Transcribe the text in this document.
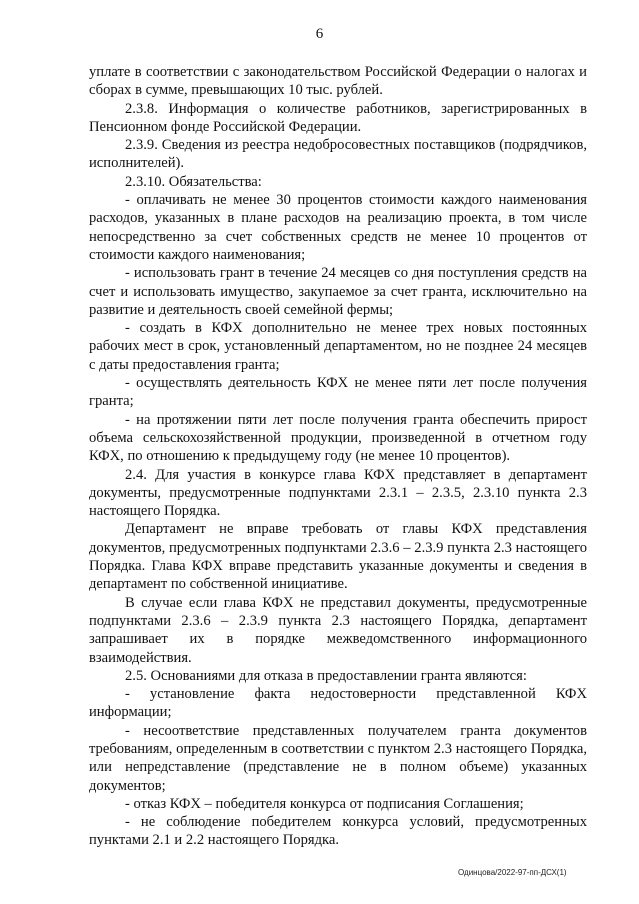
6

уплате в соответствии с законодательством Российской Федерации о налогах и сборах в сумме, превышающих 10 тыс. рублей.

2.3.8. Информация о количестве работников, зарегистрированных в Пенсионном фонде Российской Федерации.

2.3.9. Сведения из реестра недобросовестных поставщиков (подрядчиков, исполнителей).

2.3.10. Обязательства:

- оплачивать не менее 30 процентов стоимости каждого наименования расходов, указанных в плане расходов на реализацию проекта, в том числе непосредственно за счет собственных средств не менее 10 процентов от стоимости каждого наименования;

- использовать грант в течение 24 месяцев со дня поступления средств на счет и использовать имущество, закупаемое за счет гранта, исключительно на развитие и деятельность своей семейной фермы;

- создать в КФХ дополнительно не менее трех новых постоянных рабочих мест в срок, установленный департаментом, но не позднее 24 месяцев с даты предоставления гранта;

- осуществлять деятельность КФХ не менее пяти лет после получения гранта;

- на протяжении пяти лет после получения гранта обеспечить прирост объема сельскохозяйственной продукции, произведенной в отчетном году КФХ, по отношению к предыдущему году (не менее 10 процентов).

2.4. Для участия в конкурсе глава КФХ представляет в департамент документы, предусмотренные подпунктами 2.3.1 – 2.3.5, 2.3.10 пункта 2.3 настоящего Порядка.

Департамент не вправе требовать от главы КФХ представления документов, предусмотренных подпунктами 2.3.6 – 2.3.9 пункта 2.3 настоящего Порядка. Глава КФХ вправе представить указанные документы и сведения в департамент по собственной инициативе.

В случае если глава КФХ не представил документы, предусмотренные подпунктами 2.3.6 – 2.3.9 пункта 2.3 настоящего Порядка, департамент запрашивает их в порядке межведомственного информационного взаимодействия.

2.5. Основаниями для отказа в предоставлении гранта являются:

- установление факта недостоверности представленной КФХ информации;

- несоответствие представленных получателем гранта документов требованиям, определенным в соответствии с пунктом 2.3 настоящего Порядка, или непредставление (представление не в полном объеме) указанных документов;

- отказ КФХ – победителя конкурса от подписания Соглашения;

- не соблюдение победителем конкурса условий, предусмотренных пунктами 2.1 и 2.2 настоящего Порядка.

Одинцова/2022-97-пп-ДСХ(1)
